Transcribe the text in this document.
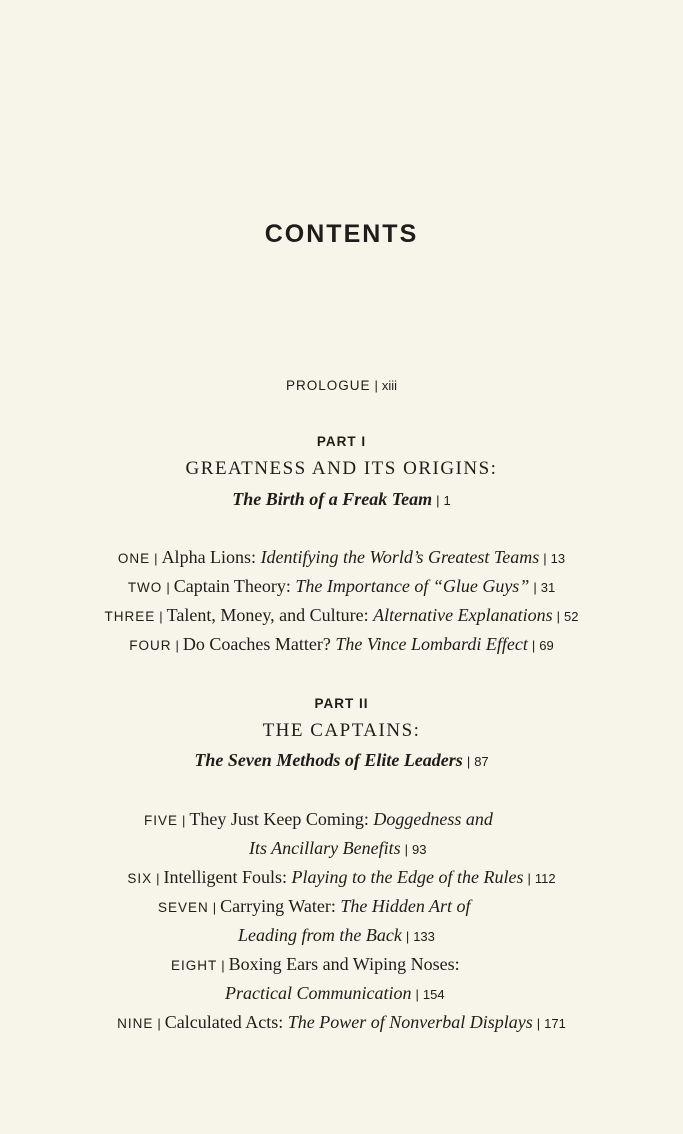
CONTENTS
PROLOGUE | xiii
PART I
GREATNESS AND ITS ORIGINS:
The Birth of a Freak Team | 1
ONE | Alpha Lions: Identifying the World’s Greatest Teams | 13
TWO | Captain Theory: The Importance of “Glue Guys” | 31
THREE | Talent, Money, and Culture: Alternative Explanations | 52
FOUR | Do Coaches Matter? The Vince Lombardi Effect | 69
PART II
THE CAPTAINS:
The Seven Methods of Elite Leaders | 87
FIVE | They Just Keep Coming: Doggedness and
Its Ancillary Benefits | 93
SIX | Intelligent Fouls: Playing to the Edge of the Rules | 112
SEVEN | Carrying Water: The Hidden Art of
Leading from the Back | 133
EIGHT | Boxing Ears and Wiping Noses:
Practical Communication | 154
NINE | Calculated Acts: The Power of Nonverbal Displays | 171
